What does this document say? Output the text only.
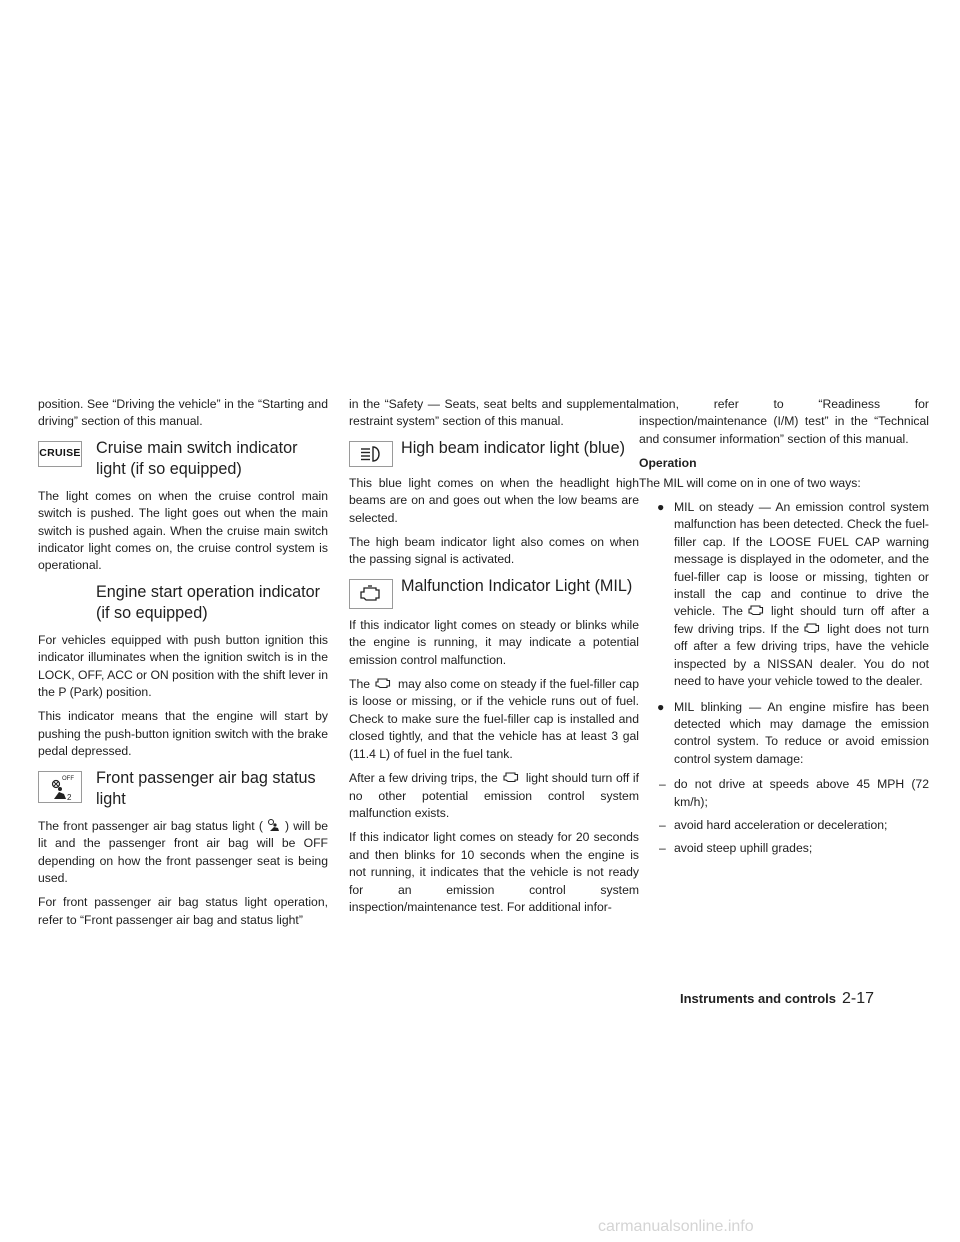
position. See “Driving the vehicle” in the “Starting and driving” section of this manual.

CRUISE Cruise main switch indicator light (if so equipped)

The light comes on when the cruise control main switch is pushed. The light goes out when the main switch is pushed again. When the cruise main switch indicator light comes on, the cruise control system is operational.

Engine start operation indicator (if so equipped)

For vehicles equipped with push button ignition this indicator illuminates when the ignition switch is in the LOCK, OFF, ACC or ON position with the shift lever in the P (Park) position.

This indicator means that the engine will start by pushing the push-button ignition switch with the brake pedal depressed.

OFF
2
Front passenger air bag status light

The front passenger air bag status light ( ) will be lit and the passenger front air bag will be OFF depending on how the front passenger seat is being used.

For front passenger air bag status light operation, refer to “Front passenger air bag and status light”

in the “Safety — Seats, seat belts and supplemental restraint system” section of this manual.

High beam indicator light (blue)

This blue light comes on when the headlight high beams are on and goes out when the low beams are selected.

The high beam indicator light also comes on when the passing signal is activated.

Malfunction Indicator Light (MIL)

If this indicator light comes on steady or blinks while the engine is running, it may indicate a potential emission control malfunction.

The may also come on steady if the fuel-filler cap is loose or missing, or if the vehicle runs out of fuel. Check to make sure the fuel-filler cap is installed and closed tightly, and that the vehicle has at least 3 gal (11.4 L) of fuel in the fuel tank.

After a few driving trips, the light should turn off if no other potential emission control system malfunction exists.

If this indicator light comes on steady for 20 seconds and then blinks for 10 seconds when the engine is not running, it indicates that the vehicle is not ready for an emission control system inspection/maintenance test. For additional infor-

mation, refer to “Readiness for inspection/maintenance (I/M) test” in the “Technical and consumer information” section of this manual.

Operation

The MIL will come on in one of two ways:

● MIL on steady — An emission control system malfunction has been detected. Check the fuel-filler cap. If the LOOSE FUEL CAP warning message is displayed in the odometer, and the fuel-filler cap is loose or missing, tighten or install the cap and continue to drive the vehicle. The light should turn off after a few driving trips. If the light does not turn off after a few driving trips, have the vehicle inspected by a NISSAN dealer. You do not need to have your vehicle towed to the dealer.
● MIL blinking — An engine misfire has been detected which may damage the emission control system. To reduce or avoid emission control system damage:
– do not drive at speeds above 45 MPH (72 km/h);
– avoid hard acceleration or deceleration;
– avoid steep uphill grades;
Instruments and controls 2-17
carmanualsonline.info
